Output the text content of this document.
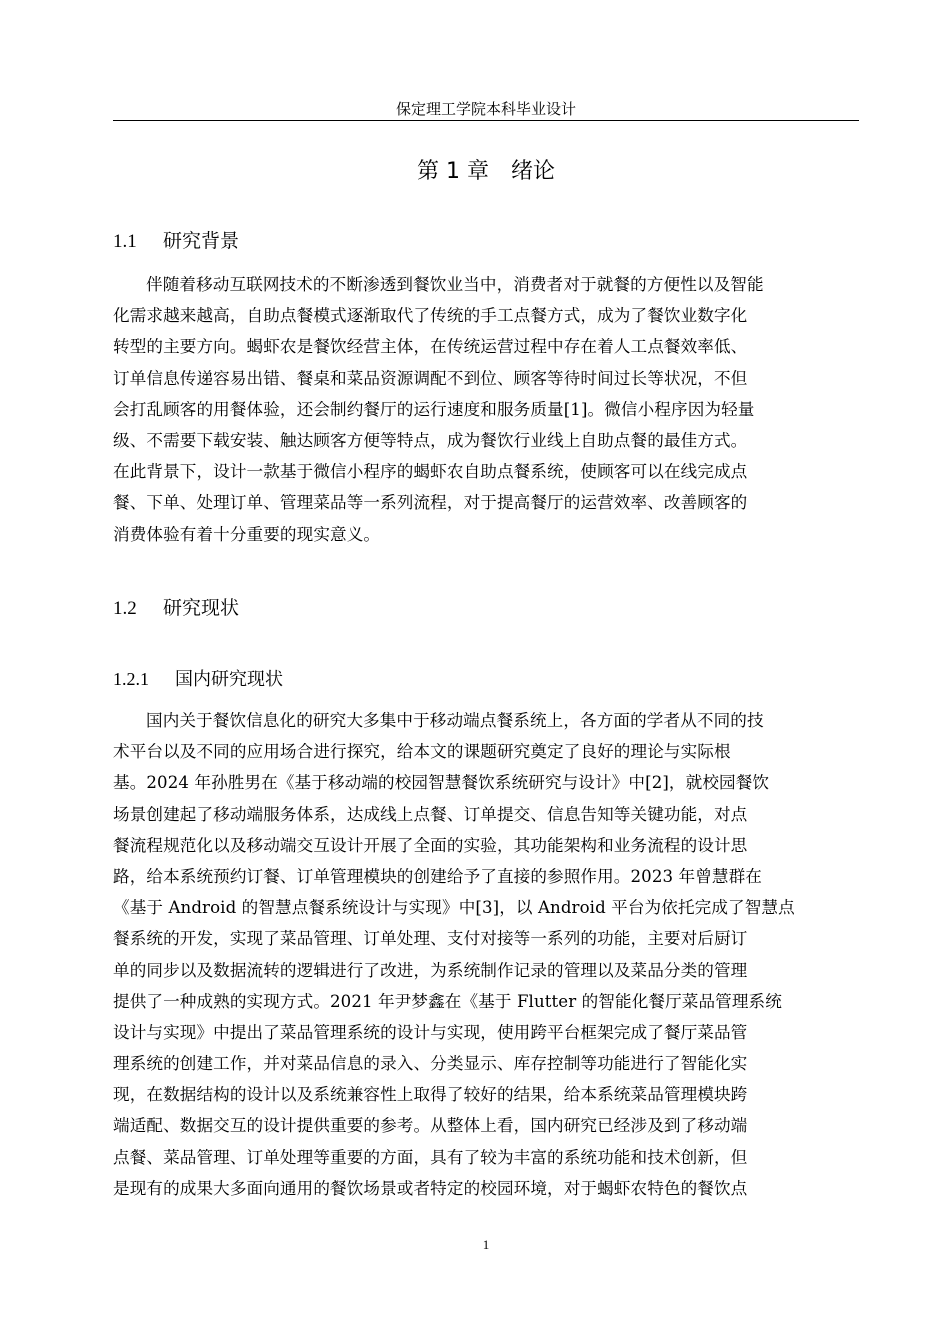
保定理工学院本科毕业设计
第 1 章 绪论
1.1 研究背景
伴随着移动互联网技术的不断渗透到餐饮业当中，消费者对于就餐的方便性以及智能
化需求越来越高，自助点餐模式逐渐取代了传统的手工点餐方式，成为了餐饮业数字化
转型的主要方向。蝎虾农是餐饮经营主体，在传统运营过程中存在着人工点餐效率低、
订单信息传递容易出错、餐桌和菜品资源调配不到位、顾客等待时间过长等状况，不但
会打乱顾客的用餐体验，还会制约餐厅的运行速度和服务质量[1]。微信小程序因为轻量
级、不需要下载安装、触达顾客方便等特点，成为餐饮行业线上自助点餐的最佳方式。
在此背景下，设计一款基于微信小程序的蝎虾农自助点餐系统，使顾客可以在线完成点
餐、下单、处理订单、管理菜品等一系列流程，对于提高餐厅的运营效率、改善顾客的
消费体验有着十分重要的现实意义。
1.2 研究现状
1.2.1 国内研究现状
国内关于餐饮信息化的研究大多集中于移动端点餐系统上，各方面的学者从不同的技
术平台以及不同的应用场合进行探究，给本文的课题研究奠定了良好的理论与实际根
基。2024 年孙胜男在《基于移动端的校园智慧餐饮系统研究与设计》中[2]，就校园餐饮
场景创建起了移动端服务体系，达成线上点餐、订单提交、信息告知等关键功能，对点
餐流程规范化以及移动端交互设计开展了全面的实验，其功能架构和业务流程的设计思
路，给本系统预约订餐、订单管理模块的创建给予了直接的参照作用。2023 年曾慧群在
《基于 Android 的智慧点餐系统设计与实现》中[3]，以 Android 平台为依托完成了智慧点
餐系统的开发，实现了菜品管理、订单处理、支付对接等一系列的功能，主要对后厨订
单的同步以及数据流转的逻辑进行了改进，为系统制作记录的管理以及菜品分类的管理
提供了一种成熟的实现方式。2021 年尹梦鑫在《基于 Flutter 的智能化餐厅菜品管理系统
设计与实现》中提出了菜品管理系统的设计与实现，使用跨平台框架完成了餐厅菜品管
理系统的创建工作，并对菜品信息的录入、分类显示、库存控制等功能进行了智能化实
现，在数据结构的设计以及系统兼容性上取得了较好的结果，给本系统菜品管理模块跨
端适配、数据交互的设计提供重要的参考。从整体上看，国内研究已经涉及到了移动端
点餐、菜品管理、订单处理等重要的方面，具有了较为丰富的系统功能和技术创新，但
是现有的成果大多面向通用的餐饮场景或者特定的校园环境，对于蝎虾农特色的餐饮点
1
